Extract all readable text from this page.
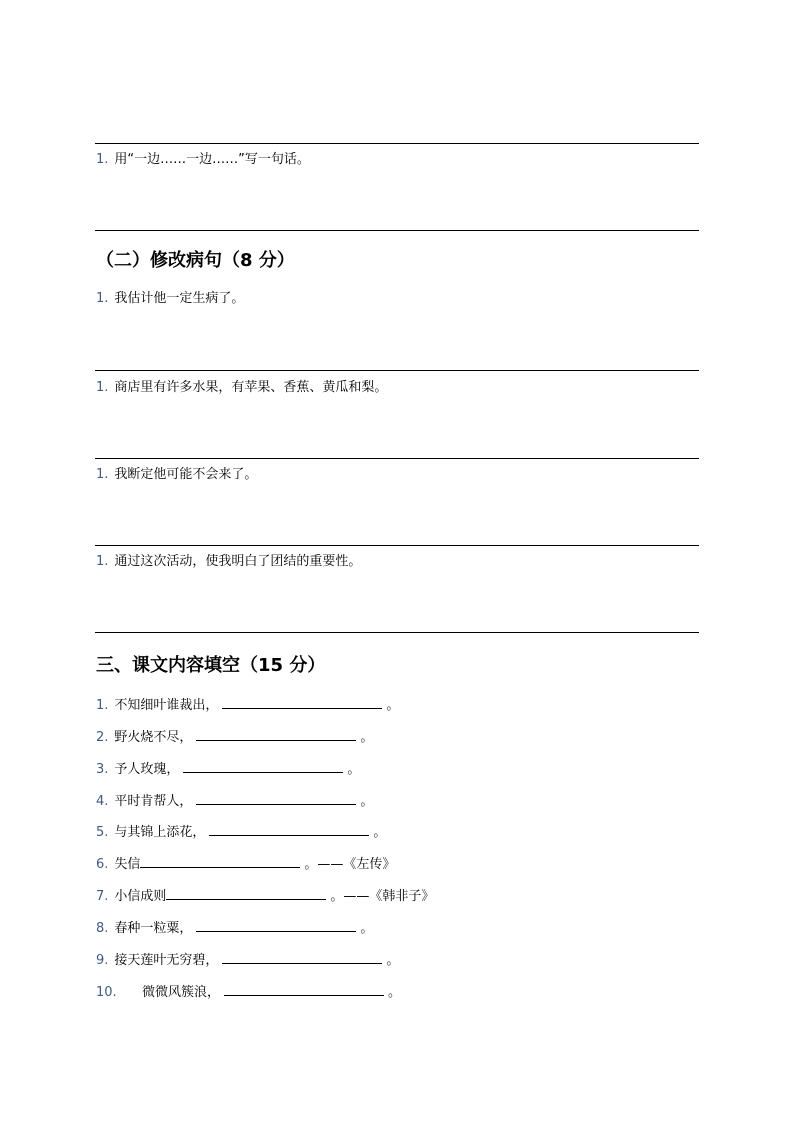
1. 用“一边……一边……”写一句话。
（二）修改病句（8 分）
1. 我估计他一定生病了。
1. 商店里有许多水果，有苹果、香蕉、黄瓜和梨。
1. 我断定他可能不会来了。
1. 通过这次活动，使我明白了团结的重要性。
三、课文内容填空（15 分）
1. 不知细叶谁裁出，	。
2. 野火烧不尽，	。
3. 予人玫瑰，	。
4. 平时肯帮人，	。
5. 与其锦上添花，	。
6. 失信	。——《左传》
7. 小信成则	。——《韩非子》
8. 春种一粒粟，	。
9. 接天莲叶无穷碧，	。
10. 微微风簇浪，	。
